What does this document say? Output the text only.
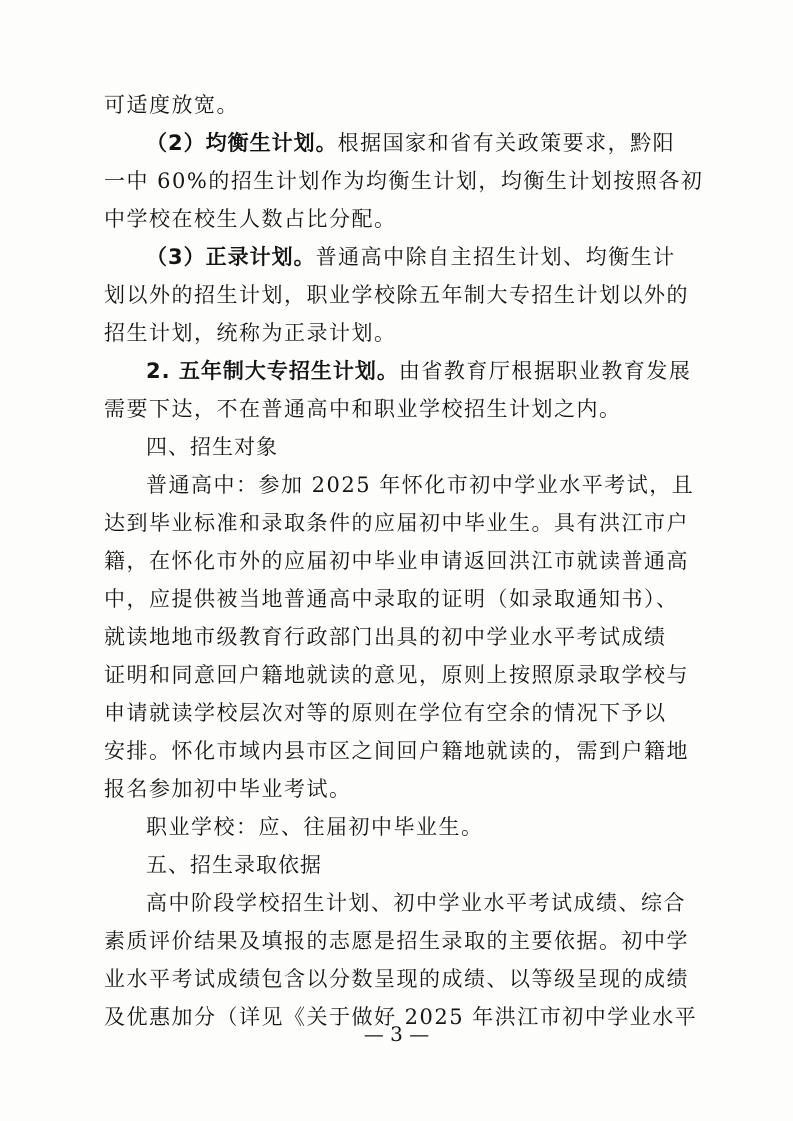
可适度放宽。
（2）均衡生计划。根据国家和省有关政策要求，黔阳
一中 60%的招生计划作为均衡生计划，均衡生计划按照各初
中学校在校生人数占比分配。
（3）正录计划。普通高中除自主招生计划、均衡生计
划以外的招生计划，职业学校除五年制大专招生计划以外的
招生计划，统称为正录计划。
2. 五年制大专招生计划。由省教育厅根据职业教育发展
需要下达，不在普通高中和职业学校招生计划之内。
四、招生对象
普通高中：参加 2025 年怀化市初中学业水平考试，且
达到毕业标准和录取条件的应届初中毕业生。具有洪江市户
籍，在怀化市外的应届初中毕业申请返回洪江市就读普通高
中，应提供被当地普通高中录取的证明（如录取通知书）、
就读地地市级教育行政部门出具的初中学业水平考试成绩
证明和同意回户籍地就读的意见，原则上按照原录取学校与
申请就读学校层次对等的原则在学位有空余的情况下予以
安排。怀化市域内县市区之间回户籍地就读的，需到户籍地
报名参加初中毕业考试。
职业学校：应、往届初中毕业生。
五、招生录取依据
高中阶段学校招生计划、初中学业水平考试成绩、综合
素质评价结果及填报的志愿是招生录取的主要依据。初中学
业水平考试成绩包含以分数呈现的成绩、以等级呈现的成绩
及优惠加分（详见《关于做好 2025 年洪江市初中学业水平
— 3 —
